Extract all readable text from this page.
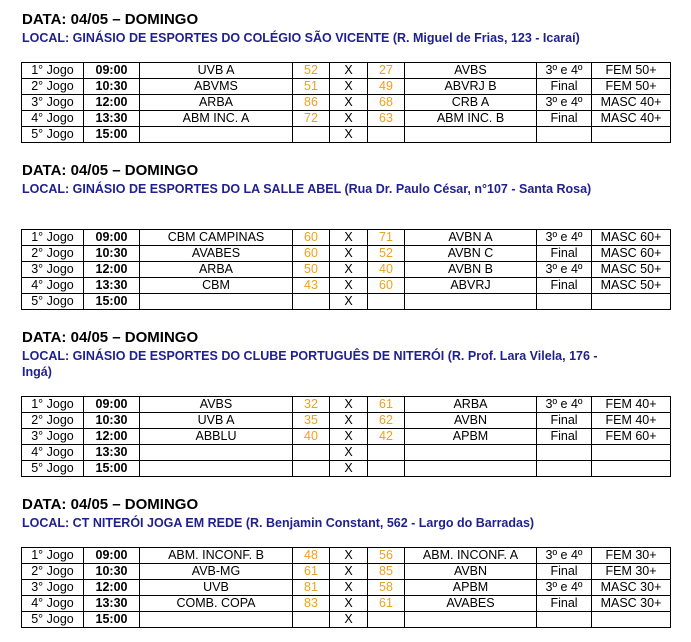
DATA: 04/05 – DOMINGO
LOCAL: GINÁSIO DE ESPORTES DO COLÉGIO SÃO VICENTE (R. Miguel de Frias, 123 - Icaraí)
1° Jogo	09:00	UVB A	52	X	27	AVBS	3º e 4º	FEM 50+
2° Jogo	10:30	ABVMS	51	X	49	ABVRJ B	Final	FEM 50+
3° Jogo	12:00	ARBA	86	X	68	CRB A	3º e 4º	MASC 40+
4° Jogo	13:30	ABM INC. A	72	X	63	ABM INC. B	Final	MASC 40+
5° Jogo	15:00			X				
DATA: 04/05 – DOMINGO
LOCAL: GINÁSIO DE ESPORTES DO LA SALLE ABEL (Rua Dr. Paulo César, n°107 - Santa Rosa)
1° Jogo	09:00	CBM CAMPINAS	60	X	71	AVBN A	3º e 4º	MASC 60+
2° Jogo	10:30	AVABES	60	X	52	AVBN C	Final	MASC 60+
3° Jogo	12:00	ARBA	50	X	40	AVBN B	3º e 4º	MASC 50+
4° Jogo	13:30	CBM	43	X	60	ABVRJ	Final	MASC 50+
5° Jogo	15:00			X				
DATA: 04/05 – DOMINGO
LOCAL: GINÁSIO DE ESPORTES DO CLUBE PORTUGUÊS DE NITERÓI (R. Prof. Lara Vilela, 176 - Ingá)
1° Jogo	09:00	AVBS	32	X	61	ARBA	3º e 4º	FEM 40+
2° Jogo	10:30	UVB A	35	X	62	AVBN	Final	FEM 40+
3° Jogo	12:00	ABBLU	40	X	42	APBM	Final	FEM 60+
4° Jogo	13:30			X				
5° Jogo	15:00			X				
DATA: 04/05 – DOMINGO
LOCAL: CT NITERÓI JOGA EM REDE (R. Benjamin Constant, 562 - Largo do Barradas)
1° Jogo	09:00	ABM. INCONF. B	48	X	56	ABM. INCONF. A	3º e 4º	FEM 30+
2° Jogo	10:30	AVB-MG	61	X	85	AVBN	Final	FEM 30+
3° Jogo	12:00	UVB	81	X	58	APBM	3º e 4º	MASC 30+
4° Jogo	13:30	COMB. COPA	83	X	61	AVABES	Final	MASC 30+
5° Jogo	15:00			X				
